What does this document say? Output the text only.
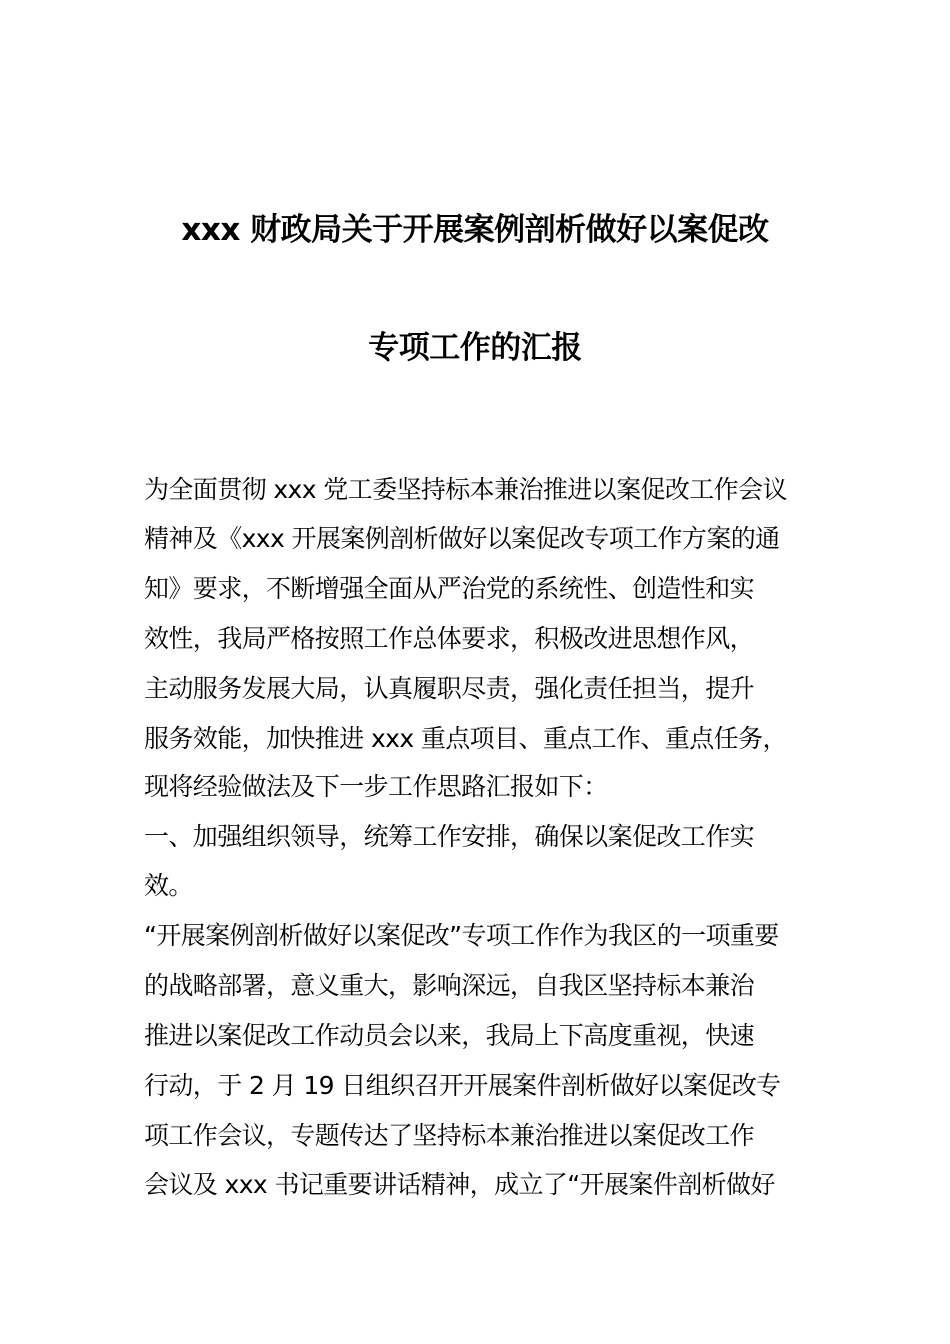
xxx 财政局关于开展案例剖析做好以案促改
专项工作的汇报
为全面贯彻 xxx 党工委坚持标本兼治推进以案促改工作会议
精神及《xxx 开展案例剖析做好以案促改专项工作方案的通
知》要求，不断增强全面从严治党的系统性、创造性和实
效性，我局严格按照工作总体要求，积极改进思想作风，
主动服务发展大局，认真履职尽责，强化责任担当，提升
服务效能，加快推进 xxx 重点项目、重点工作、重点任务，
现将经验做法及下一步工作思路汇报如下：
一、加强组织领导，统筹工作安排，确保以案促改工作实
效。
“开展案例剖析做好以案促改”专项工作作为我区的一项重要
的战略部署，意义重大，影响深远，自我区坚持标本兼治
推进以案促改工作动员会以来，我局上下高度重视，快速
行动，于 2 月 19 日组织召开开展案件剖析做好以案促改专
项工作会议，专题传达了坚持标本兼治推进以案促改工作
会议及 xxx 书记重要讲话精神，成立了“开展案件剖析做好
